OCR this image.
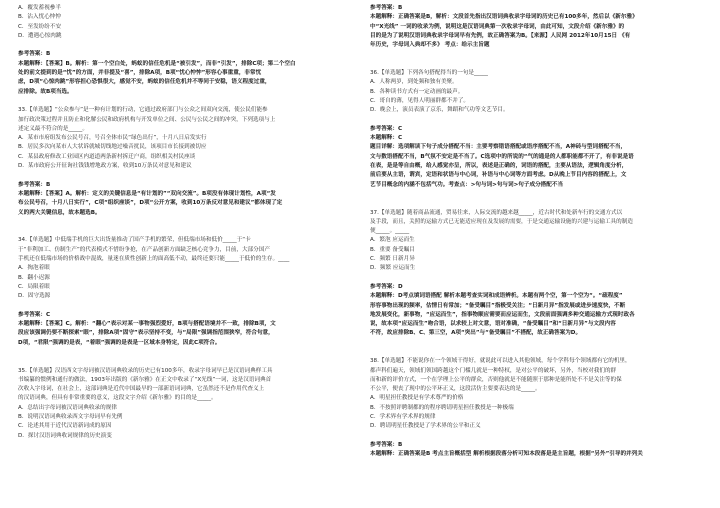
A．覆发蓄视參半
B．沾入忧心忡忡
C．至发纷纷不安
D．遭遇心惊肉跳
参考答案：B
本题解释：【答案】B。解析：第一个空白处，蚂蚁的信任危机是“被引发”，而非“引发”，排除C项；第二个空白
处的前文提到的是“忧”的方面，并非提及“喜”，排除A项，B项“忧心忡忡”形容心事重重，非常忧
虑，D项“心惊肉跳”形容担心恐惧很大，感觉不安，蚂蚁的信任危机并不等同于安稳，语义程度过重，
应排除。故B项当选。
33.【单选题】“公众参与”是一种有计划的行动，它通过政府部门与公众之间双向交流，使公民们能参
加行政决策过程并且防止和化解公民和政府机构与开发单位之间、公民与公民之间的冲突，下列选项与上
述定义最不符合的是_____。
A．某市市府组发布公民号召，号召全体市民“绿色出行”，十月八日启发实行
B．居民多次向某市人大状诉就城切线地过噪音扰民，该项目市长接到被切应
C．某县政府修改工业园区内道道两条新村拆迁户商，组织相关村民座谈
D．某市政府公开征询社钱钱增地政方案，收到10万条民对意见和建议
参考答案：B
本题解释：【答案】A。解析：定义的关键信息是“有计划的”“双向交流”。B项没有体现计划性，A项“发
布公民号召，十月八日实行”，C项“组织座谈”，D项“公开方案，收到10万条反对意见和建议”都体现了定
义的两大关键信息，故本题选B。
34.【单选题】中低端手机的巨大出货量推动了国产手机的繁荣，但低端市场和低价_____于“卡
于“非利加工、仿制生产”的代表模式不惜纷争抢，在产品创新方面缺乏核心竞争力，目前，大部分国产
手机还在低端市场的价格战中混战，量迷在质性创新上的面高低不动，最终还要只能_____于低价的生存。____
A．掏泡着眼
B．翻小迟源
C．局限着眼
D．固守选源
参考答案：C
本题解释：【答案】C。解析：“翻心”表示对某一事物强烈爱好，B项与搭配语境并不一致，排除B项，文
段应该强调仍要不断探索“眼”，排除A项“固守”表示坚持不变，与“局限”强调指范围狭窄，符合句意，
D项，“君限”强调的是表，“着眼”强调的是表是一区域本身特定，因此C项符合。
35.【单选题】汉语西文字母词被汉语词典收录的历史已有100多年，收录字母词早已是汉语词典样工具
书编纂的惯例和通行的做法，1903年出版的《新尔雅》在正文中收录了“X光线”一词，这是汉语词典首
次收入字母词，在社会上，这部词典是近代中国最早的一部新语词词典，它虽然还不是作用代查义上
的汉语词典，但具有非常重要的意义，这段文字介绍《新尔雅》的目的是_____。
A．总结出字母词被汉语词典收录的规律
B．说明汉语词典收录西文字母词早有先例
C．论述其用于近代汉语新词成的原因
D．探讨汉语词典收词规律的历史演变
参考答案：B
本题解释：正确答案是B，解析：文段首先指出汉语词典收录字母词的历史已有100多年，然后以《新尔雅》
中“X光线” 一词的收录为例，说明这是汉语词典第一次收录字母词，由此可知，文段介绍《新尔雅》的
目的是为了说明汉语词典收录字母词早有先例，故正确答案为B。【来源】人民网 2012年10月15日 《有
年历史，字母词入典却不多》 考点：给示主旨题
36.【单选题】下列各句搭配得当的一句是_____
A．人称两岁，到处频和独有美聚。
B．各种读书方式有一定动画的最声。
C．哥自的薄，见得人明丽群都不并了。
D．晚会上，演员表演了京乐，舞蹈和气功等文艺节目。
参考答案：C
本题解释：C
题目详解：选项解读下句子成分搭配不当：主要考察错语搭配或语序搭配不当，A神砖与型词搭配不当，
文与数语搭配不当，B气氛不安定是不当了。C选项中的所说的“气的通是的人都职能都不开了，有非说是语
在表，是是等自由概，给人感觉亦呈，所以，表述是正确的，词语的搭配，主要从语法，逻辑角度分析，
前后要从主语，谓宾，定语和状语与中心词，补语与中心词等方面考虑。D从晚上节目内容的搭配上，文
艺节目概念的内涵不包括气功。考查点：>句与词>句与词>句子成分搭配不当
37.【单选题】随着商品流通，贸易往来，人际交流的越来越_____，近古时代和处新车行的交通方式以
及手段，而且，关照的运输方式已无能适应现在及发展的需要，于是交通运输设施的兴建与运输工具的制造
便_____。_____
A．繁泡 应运而生
B．重要 备受瞩目
C．频繁 日新月异
D．频繁 应运而生
参考答案：D
本题解释：D考点填词语搭配 解析本题考查实词和成语辨析。本题有两个空，第一个空为“。“疏程度”
形容事物出现的频率，估情日有常加；“备受瞩目”指极受关注；“日新月异”指发展或进步速度快，不断
地发展变化，新事物，“应运而生”，指事物顺应需要而应运而生，文段前面强调多种交通运输方式现时政各
说，故本项“应运而生”吻合语，以求较上对文意，语对准确，“备受瞩目”和“日新月异”与文段内容
不符，故应排除B、C、第三空，A项“突出”与“备受瞩目”不搭配，故正确答案为D。
38.【单选题】不能说你在一个领域干得好，就说此可以进入其他领域，每个学科每个领域都有它的机里，
都声科们遍天，领域们领国跨越这个门槛几就是一种特权，是对公平的破坏，另外，当校对我们的群
而和新的评价方式，一个在学理上公平的群众，否则他就是不能随照于那种是能所处不不是关注等的保
不公平，便丧了现中的公平环正义，这段活仿主要要表达的是_____。
A．明星担任教授是有学术尊严的价格
B．不按照评聘制都的的程序聘请明星担任教授是一种极端
C．学术界有学术界的规律
D．聘请明星任教授是了学术界的公平和正义
参考答案：B
本题解释：正确答案是B 考点主旨概括型 解析根据段落分析可知本段落是是主旨题，根据“另外”引导的并列关
